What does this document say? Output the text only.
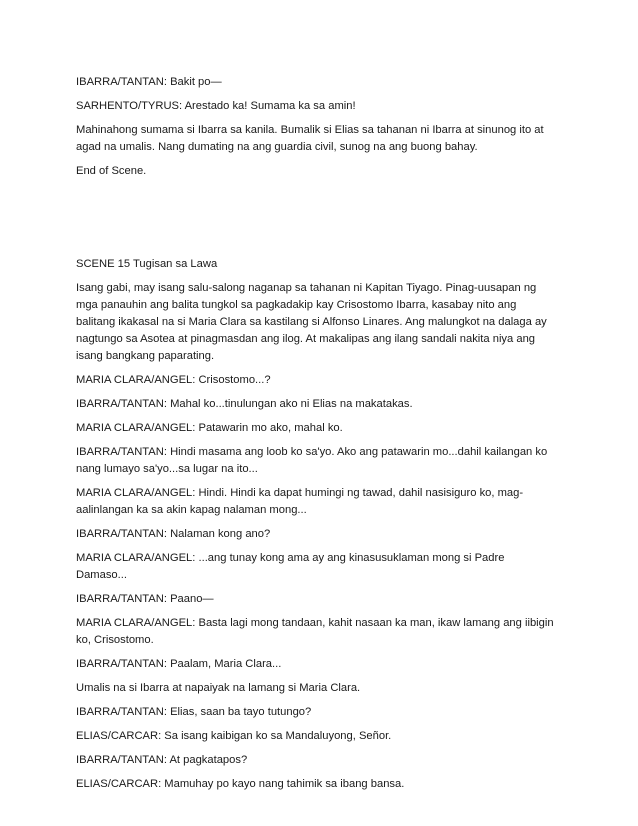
IBARRA/TANTAN: Bakit po—

SARHENTO/TYRUS: Arestado ka! Sumama ka sa amin!

Mahinahong sumama si Ibarra sa kanila. Bumalik si Elias sa tahanan ni Ibarra at sinunog ito at agad na umalis. Nang dumating na ang guardia civil, sunog na ang buong bahay.

End of Scene.

SCENE 15 Tugisan sa Lawa

Isang gabi, may isang salu-salong naganap sa tahanan ni Kapitan Tiyago. Pinag-uusapan ng mga panauhin ang balita tungkol sa pagkadakip kay Crisostomo Ibarra, kasabay nito ang balitang ikakasal na si Maria Clara sa kastilang si Alfonso Linares. Ang malungkot na dalaga ay nagtungo sa Asotea at pinagmasdan ang ilog. At makalipas ang ilang sandali nakita niya ang isang bangkang paparating.

MARIA CLARA/ANGEL: Crisostomo...?

IBARRA/TANTAN: Mahal ko...tinulungan ako ni Elias na makatakas.

MARIA CLARA/ANGEL: Patawarin mo ako, mahal ko.

IBARRA/TANTAN: Hindi masama ang loob ko sa'yo. Ako ang patawarin mo...dahil kailangan ko nang lumayo sa'yo...sa lugar na ito...

MARIA CLARA/ANGEL: Hindi. Hindi ka dapat humingi ng tawad, dahil nasisiguro ko, mag-aalinlangan ka sa akin kapag nalaman mong...

IBARRA/TANTAN: Nalaman kong ano?

MARIA CLARA/ANGEL: ...ang tunay kong ama ay ang kinasusuklaman mong si Padre Damaso...

IBARRA/TANTAN: Paano—

MARIA CLARA/ANGEL: Basta lagi mong tandaan, kahit nasaan ka man, ikaw lamang ang iibigin ko, Crisostomo.

IBARRA/TANTAN: Paalam, Maria Clara...

Umalis na si Ibarra at napaiyak na lamang si Maria Clara.

IBARRA/TANTAN: Elias, saan ba tayo tutungo?

ELIAS/CARCAR: Sa isang kaibigan ko sa Mandaluyong, Señor.

IBARRA/TANTAN: At pagkatapos?

ELIAS/CARCAR: Mamuhay po kayo nang tahimik sa ibang bansa.
